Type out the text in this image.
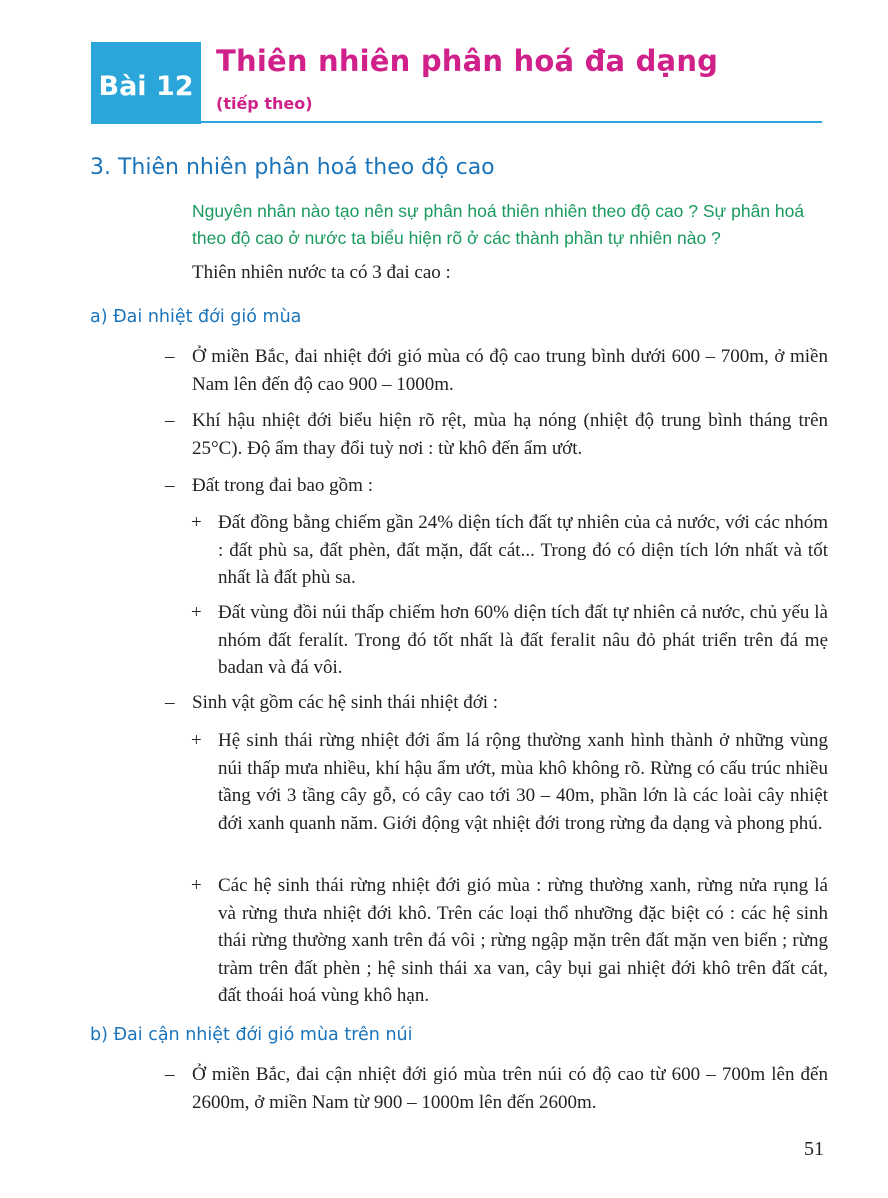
Bài 12
Thiên nhiên phân hoá đa dạng
(tiếp theo)
3. Thiên nhiên phân hoá theo độ cao
Nguyên nhân nào tạo nên sự phân hoá thiên nhiên theo độ cao ? Sự phân hoá theo độ cao ở nước ta biểu hiện rõ ở các thành phần tự nhiên nào ?
Thiên nhiên nước ta có 3 đai cao :
a) Đai nhiệt đới gió mùa
– Ở miền Bắc, đai nhiệt đới gió mùa có độ cao trung bình dưới 600 – 700m, ở miền Nam lên đến độ cao 900 – 1000m.
– Khí hậu nhiệt đới biểu hiện rõ rệt, mùa hạ nóng (nhiệt độ trung bình tháng trên 25°C). Độ ẩm thay đổi tuỳ nơi : từ khô đến ẩm ướt.
– Đất trong đai bao gồm :
+ Đất đồng bằng chiếm gần 24% diện tích đất tự nhiên của cả nước, với các nhóm : đất phù sa, đất phèn, đất mặn, đất cát... Trong đó có diện tích lớn nhất và tốt nhất là đất phù sa.
+ Đất vùng đồi núi thấp chiếm hơn 60% diện tích đất tự nhiên cả nước, chủ yếu là nhóm đất feralít. Trong đó tốt nhất là đất feralit nâu đỏ phát triển trên đá mẹ badan và đá vôi.
– Sinh vật gồm các hệ sinh thái nhiệt đới :
+ Hệ sinh thái rừng nhiệt đới ẩm lá rộng thường xanh hình thành ở những vùng núi thấp mưa nhiều, khí hậu ẩm ướt, mùa khô không rõ. Rừng có cấu trúc nhiều tầng với 3 tầng cây gỗ, có cây cao tới 30 – 40m, phần lớn là các loài cây nhiệt đới xanh quanh năm. Giới động vật nhiệt đới trong rừng đa dạng và phong phú.
+ Các hệ sinh thái rừng nhiệt đới gió mùa : rừng thường xanh, rừng nửa rụng lá và rừng thưa nhiệt đới khô. Trên các loại thổ nhưỡng đặc biệt có : các hệ sinh thái rừng thường xanh trên đá vôi ; rừng ngập mặn trên đất mặn ven biển ; rừng tràm trên đất phèn ; hệ sinh thái xa van, cây bụi gai nhiệt đới khô trên đất cát, đất thoái hoá vùng khô hạn.
b) Đai cận nhiệt đới gió mùa trên núi
– Ở miền Bắc, đai cận nhiệt đới gió mùa trên núi có độ cao từ 600 – 700m lên đến 2600m, ở miền Nam từ 900 – 1000m lên đến 2600m.
51
